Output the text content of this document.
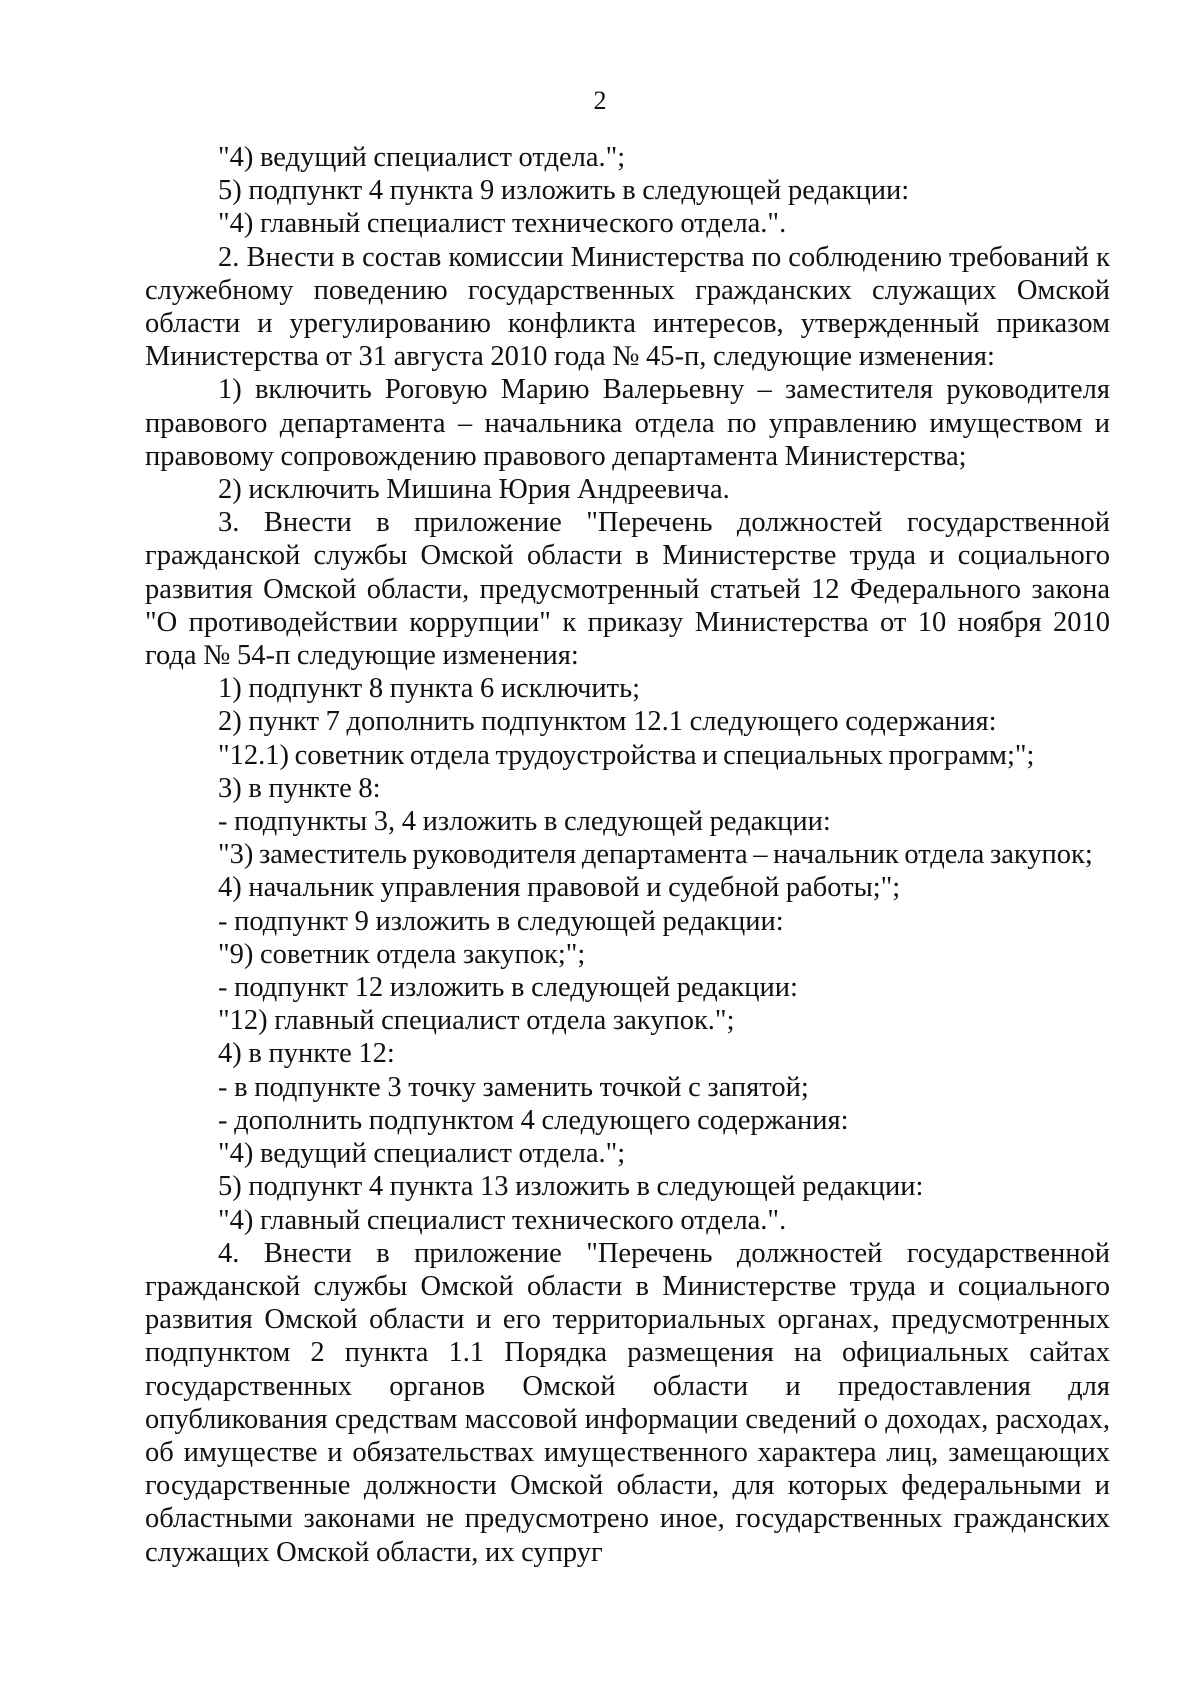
2

"4) ведущий специалист отдела.";

5) подпункт 4 пункта 9 изложить в следующей редакции:

"4) главный специалист технического отдела.".

2. Внести в состав комиссии Министерства по соблюдению требований к служебному поведению государственных гражданских служащих Омской области и урегулированию конфликта интересов, утвержденный приказом Министерства от 31 августа 2010 года № 45-п, следующие изменения:

1) включить Роговую Марию Валерьевну – заместителя руководителя правового департамента – начальника отдела по управлению имуществом и правовому сопровождению правового департамента Министерства;

2) исключить Мишина Юрия Андреевича.

3. Внести в приложение "Перечень должностей государственной гражданской службы Омской области в Министерстве труда и социального развития Омской области, предусмотренный статьей 12 Федерального закона "О противодействии коррупции" к приказу Министерства от 10 ноября 2010 года № 54-п следующие изменения:

1) подпункт 8 пункта 6 исключить;

2) пункт 7 дополнить подпунктом 12.1 следующего содержания:

"12.1) советник отдела трудоустройства и специальных программ;";

3) в пункте 8:

- подпункты 3, 4 изложить в следующей редакции:

"3) заместитель руководителя департамента – начальник отдела закупок;

4) начальник управления правовой и судебной работы;";

- подпункт 9 изложить в следующей редакции:

"9) советник отдела закупок;";

- подпункт 12 изложить в следующей редакции:

"12) главный специалист отдела закупок.";

4) в пункте 12:

- в подпункте 3 точку заменить точкой с запятой;

- дополнить подпунктом 4 следующего содержания:

"4) ведущий специалист отдела.";

5) подпункт 4 пункта 13 изложить в следующей редакции:

"4) главный специалист технического отдела.".

4. Внести в приложение "Перечень должностей государственной гражданской службы Омской области в Министерстве труда и социального развития Омской области и его территориальных органах, предусмотренных подпунктом 2 пункта 1.1 Порядка размещения на официальных сайтах государственных органов Омской области и предоставления для опубликования средствам массовой информации сведений о доходах, расходах, об имуществе и обязательствах имущественного характера лиц, замещающих государственные должности Омской области, для которых федеральными и областными законами не предусмотрено иное, государственных гражданских служащих Омской области, их супруг
